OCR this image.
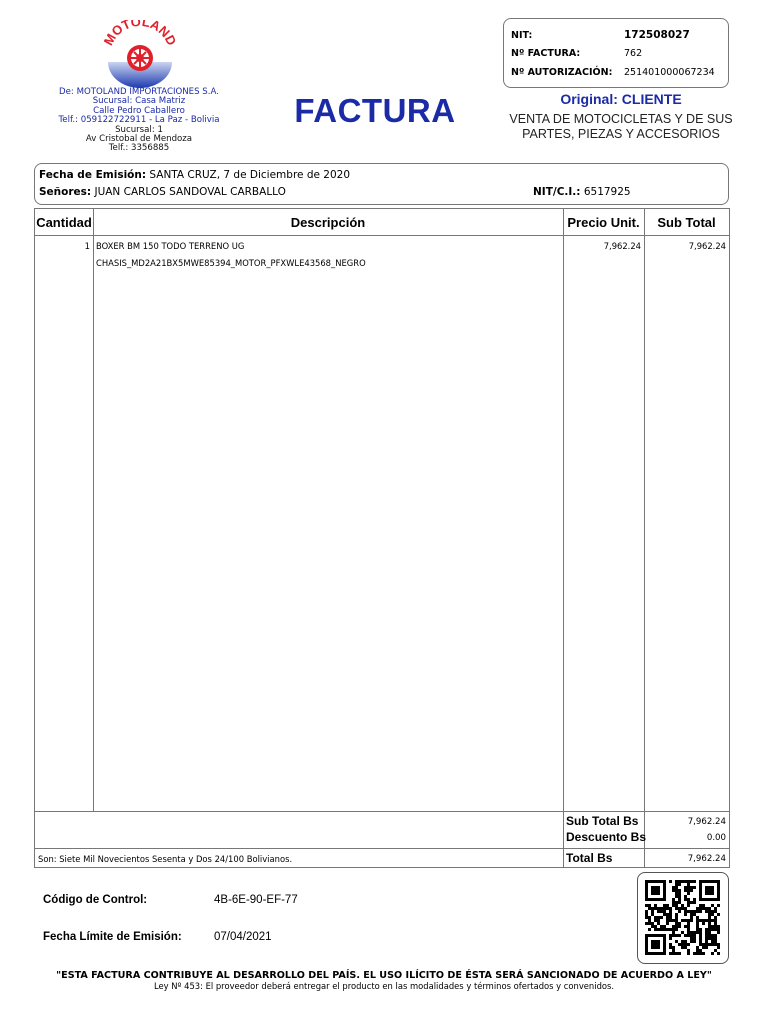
MOTOLAND
De: MOTOLAND IMPORTACIONES S.A.
Sucursal: Casa Matriz
Calle Pedro Caballero
Telf.: 059122722911 - La Paz - Bolivia
Sucursal: 1
Av Cristobal de Mendoza
Telf.: 3356885
FACTURA
NIT:	172508027
Nº FACTURA:	762
Nº AUTORIZACIÓN: 251401000067234
Original: CLIENTE
VENTA DE MOTOCICLETAS Y DE SUS
PARTES, PIEZAS Y ACCESORIOS
Fecha de Emisión: SANTA CRUZ, 7 de Diciembre de 2020
Señores: JUAN CARLOS SANDOVAL CARBALLO	NIT/C.I.: 6517925
Cantidad	Descripción	Precio Unit.	Sub Total
1 BOXER BM 150 TODO TERRENO UG
CHASIS_MD2A21BX5MWE85394_MOTOR_PFXWLE43568_NEGRO
7,962.24	7,962.24
Sub Total Bs	7,962.24
Descuento Bs	0.00
Son: Siete Mil Novecientos Sesenta y Dos 24/100 Bolivianos.	Total Bs	7,962.24
Código de Control:	4B-6E-90-EF-77
Fecha Límite de Emisión:	07/04/2021
"ESTA FACTURA CONTRIBUYE AL DESARROLLO DEL PAÍS. EL USO ILÍCITO DE ÉSTA SERÁ SANCIONADO DE ACUERDO A LEY"
Ley Nº 453: El proveedor deberá entregar el producto en las modalidades y términos ofertados y convenidos.
